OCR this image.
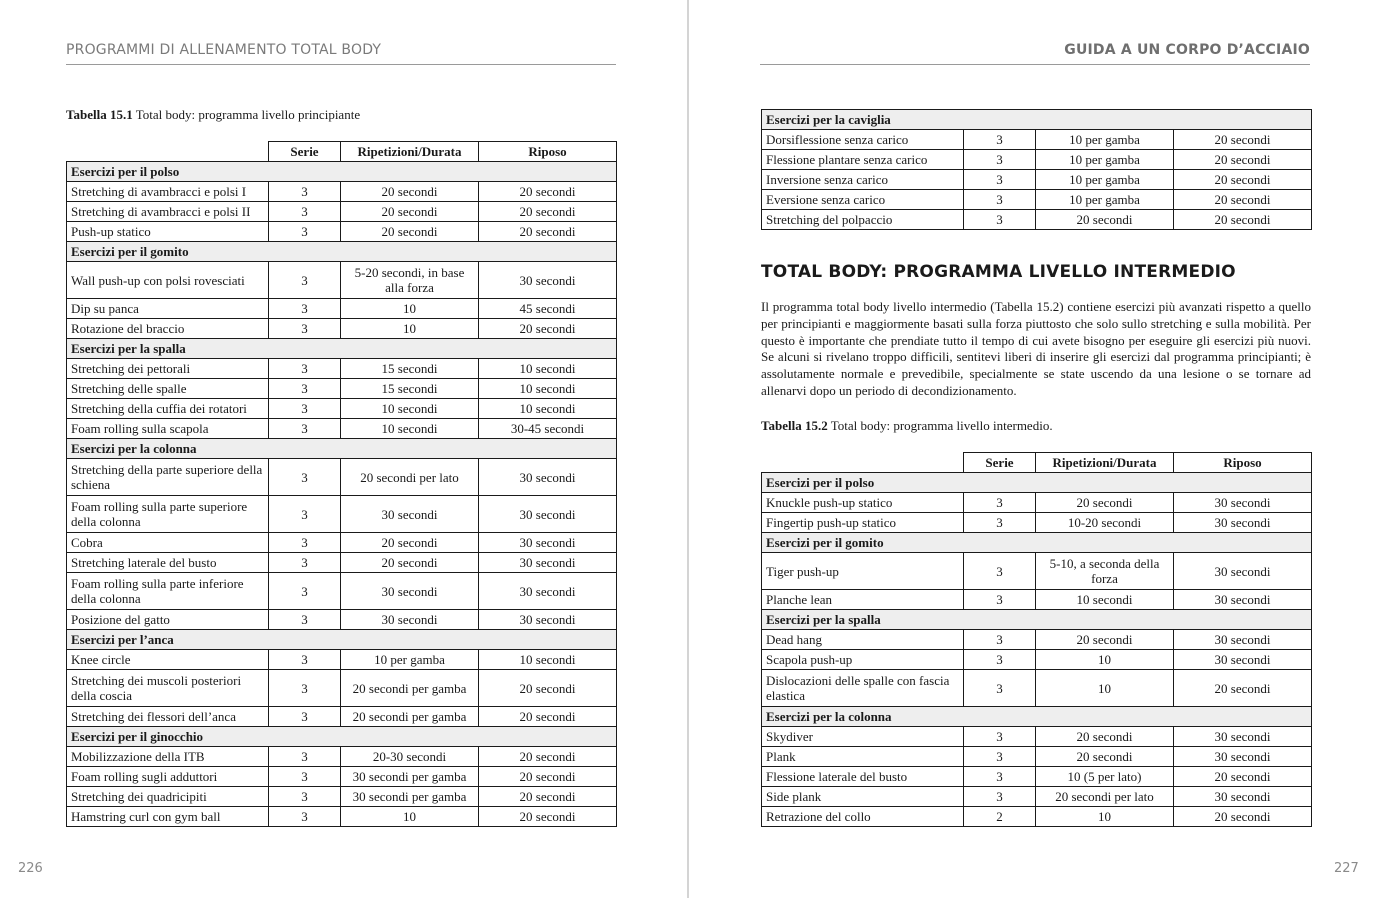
PROGRAMMI DI ALLENAMENTO TOTAL BODY
Tabella 15.1 Total body: programma livello principiante
	Serie	Ripetizioni/Durata	Riposo
Esercizi per il polso			
Stretching di avambracci e polsi I	3	20 secondi	20 secondi
Stretching di avambracci e polsi II	3	20 secondi	20 secondi
Push-up statico	3	20 secondi	20 secondi
Esercizi per il gomito			
Wall push-up con polsi rovesciati	3	5-20 secondi, in base alla forza	30 secondi
Dip su panca	3	10	45 secondi
Rotazione del braccio	3	10	20 secondi
Esercizi per la spalla			
Stretching dei pettorali	3	15 secondi	10 secondi
Stretching delle spalle	3	15 secondi	10 secondi
Stretching della cuffia dei rotatori	3	10 secondi	10 secondi
Foam rolling sulla scapola	3	10 secondi	30-45 secondi
Esercizi per la colonna			
Stretching della parte superiore della schiena	3	20 secondi per lato	30 secondi
Foam rolling sulla parte superiore della colonna	3	30 secondi	30 secondi
Cobra	3	20 secondi	30 secondi
Stretching laterale del busto	3	20 secondi	30 secondi
Foam rolling sulla parte inferiore della colonna	3	30 secondi	30 secondi
Posizione del gatto	3	30 secondi	30 secondi
Esercizi per l’anca			
Knee circle	3	10 per gamba	10 secondi
Stretching dei muscoli posteriori della coscia	3	20 secondi per gamba	20 secondi
Stretching dei flessori dell’anca	3	20 secondi per gamba	20 secondi
Esercizi per il ginocchio			
Mobilizzazione della ITB	3	20-30 secondi	20 secondi
Foam rolling sugli adduttori	3	30 secondi per gamba	20 secondi
Stretching dei quadricipiti	3	30 secondi per gamba	20 secondi
Hamstring curl con gym ball	3	10	20 secondi
226
GUIDA A UN CORPO D’ACCIAIO
Esercizi per la caviglia			
Dorsiflessione senza carico	3	10 per gamba	20 secondi
Flessione plantare senza carico	3	10 per gamba	20 secondi
Inversione senza carico	3	10 per gamba	20 secondi
Eversione senza carico	3	10 per gamba	20 secondi
Stretching del polpaccio	3	20 secondi	20 secondi
TOTAL BODY: PROGRAMMA LIVELLO INTERMEDIO
Il programma total body livello intermedio (Tabella 15.2) contiene esercizi più avanzati rispetto a quello per principianti e maggiormente basati sulla forza piuttosto che solo sullo stretching e sulla mobilità. Per questo è importante che prendiate tutto il tempo di cui avete bisogno per eseguire gli esercizi più nuovi. Se alcuni si rivelano troppo difficili, sentitevi liberi di inserire gli esercizi dal programma principianti; è assolutamente normale e prevedibile, specialmente se state uscendo da una lesione o se tornare ad allenarvi dopo un periodo di decondizionamento.
Tabella 15.2 Total body: programma livello intermedio.
	Serie	Ripetizioni/Durata	Riposo
Esercizi per il polso			
Knuckle push-up statico	3	20 secondi	30 secondi
Fingertip push-up statico	3	10-20 secondi	30 secondi
Esercizi per il gomito			
Tiger push-up	3	5-10, a seconda della forza	30 secondi
Planche lean	3	10 secondi	30 secondi
Esercizi per la spalla			
Dead hang	3	20 secondi	30 secondi
Scapola push-up	3	10	30 secondi
Dislocazioni delle spalle con fascia elastica	3	10	20 secondi
Esercizi per la colonna			
Skydiver	3	20 secondi	30 secondi
Plank	3	20 secondi	30 secondi
Flessione laterale del busto	3	10 (5 per lato)	20 secondi
Side plank	3	20 secondi per lato	30 secondi
Retrazione del collo	2	10	20 secondi
227
